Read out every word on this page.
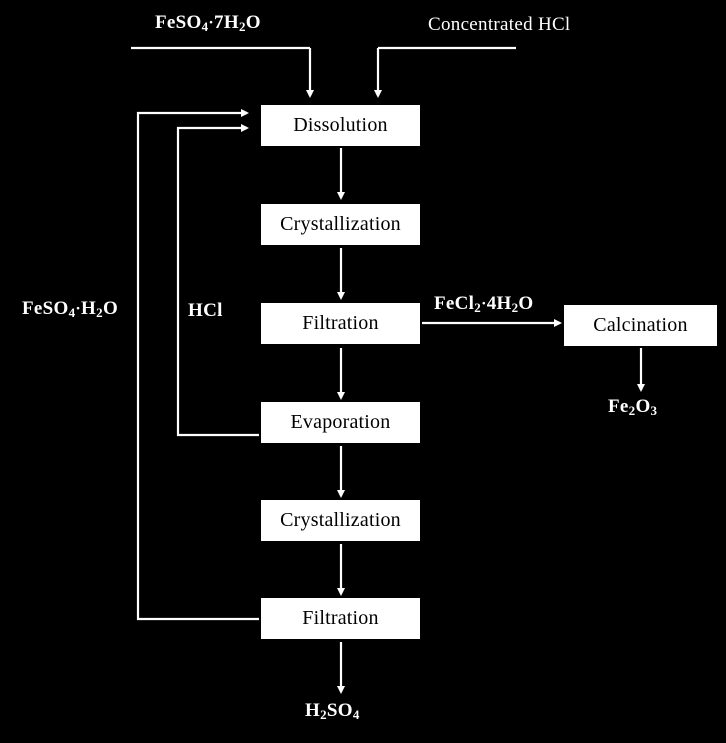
$FeSO_4\cdot 7H_2O$	Concentrated HCl
$FeSO_4\cdot H_2O$	HCl	$FeCl_2\cdot 4H_2O$
$Fe_2O_3$
$H_2SO_4$
Dissolution
Crystallization
Filtration
Evaporation
Crystallization
Filtration
Calcination
